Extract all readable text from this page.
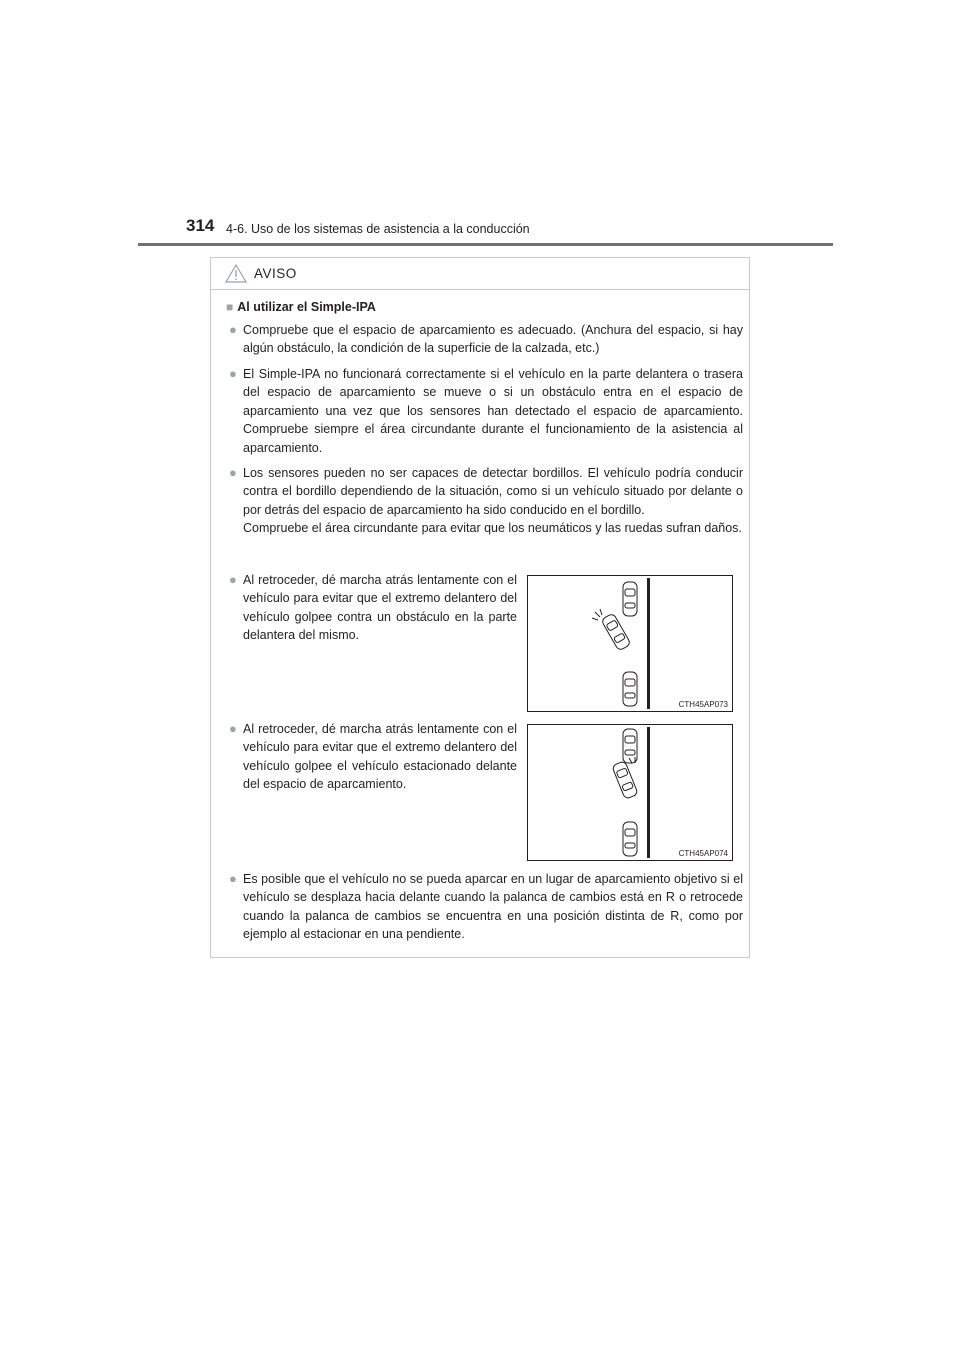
314 4-6. Uso de los sistemas de asistencia a la conducción
AVISO
■ Al utilizar el Simple-IPA
● Compruebe que el espacio de aparcamiento es adecuado. (Anchura del espacio, si hay algún obstáculo, la condición de la superficie de la calzada, etc.)

● El Simple-IPA no funcionará correctamente si el vehículo en la parte delantera o trasera del espacio de aparcamiento se mueve o si un obstáculo entra en el espacio de aparcamiento una vez que los sensores han detectado el espacio de aparcamiento. Compruebe siempre el área circundante durante el funcionamiento de la asistencia al aparcamiento.

● Los sensores pueden no ser capaces de detectar bordillos. El vehículo podría conducir contra el bordillo dependiendo de la situación, como si un vehículo situado por delante o por detrás del espacio de aparcamiento ha sido conducido en el bordillo.

Compruebe el área circundante para evitar que los neumáticos y las ruedas sufran daños.

● Al retroceder, dé marcha atrás lentamente con el vehículo para evitar que el extremo delantero del vehículo golpee contra un obstáculo en la parte delantera del mismo.

CTH45AP073
● Al retroceder, dé marcha atrás lentamente con el vehículo para evitar que el extremo delantero del vehículo golpee el vehículo estacionado delante del espacio de aparcamiento.

CTH45AP074
● Es posible que el vehículo no se pueda aparcar en un lugar de aparcamiento objetivo si el vehículo se desplaza hacia delante cuando la palanca de cambios está en R o retrocede cuando la palanca de cambios se encuentra en una posición distinta de R, como por ejemplo al estacionar en una pendiente.
